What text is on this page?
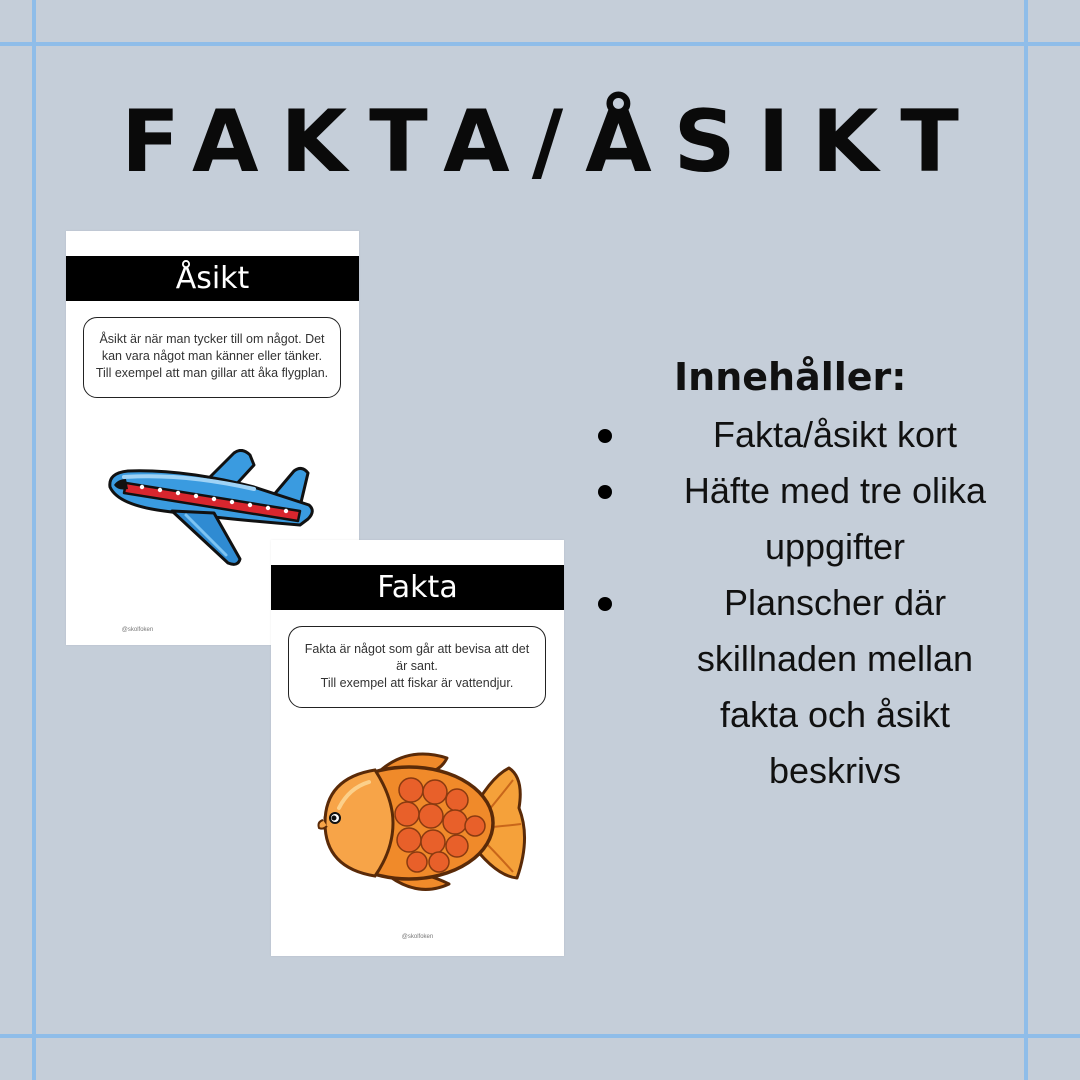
FAKTA/ÅSIKT
Åsikt
Åsikt är när man tycker till om något. Det
kan vara något man känner eller tänker.
Till exempel att man gillar att åka flygplan.
@skolfoken
Fakta
Fakta är något som går att bevisa att det
är sant.
Till exempel att fiskar är vattendjur.
@skolfoken
Innehåller:
Fakta/åsikt kort
Häfte med tre olika
uppgifter
Planscher där
skillnaden mellan
fakta och åsikt
beskrivs
